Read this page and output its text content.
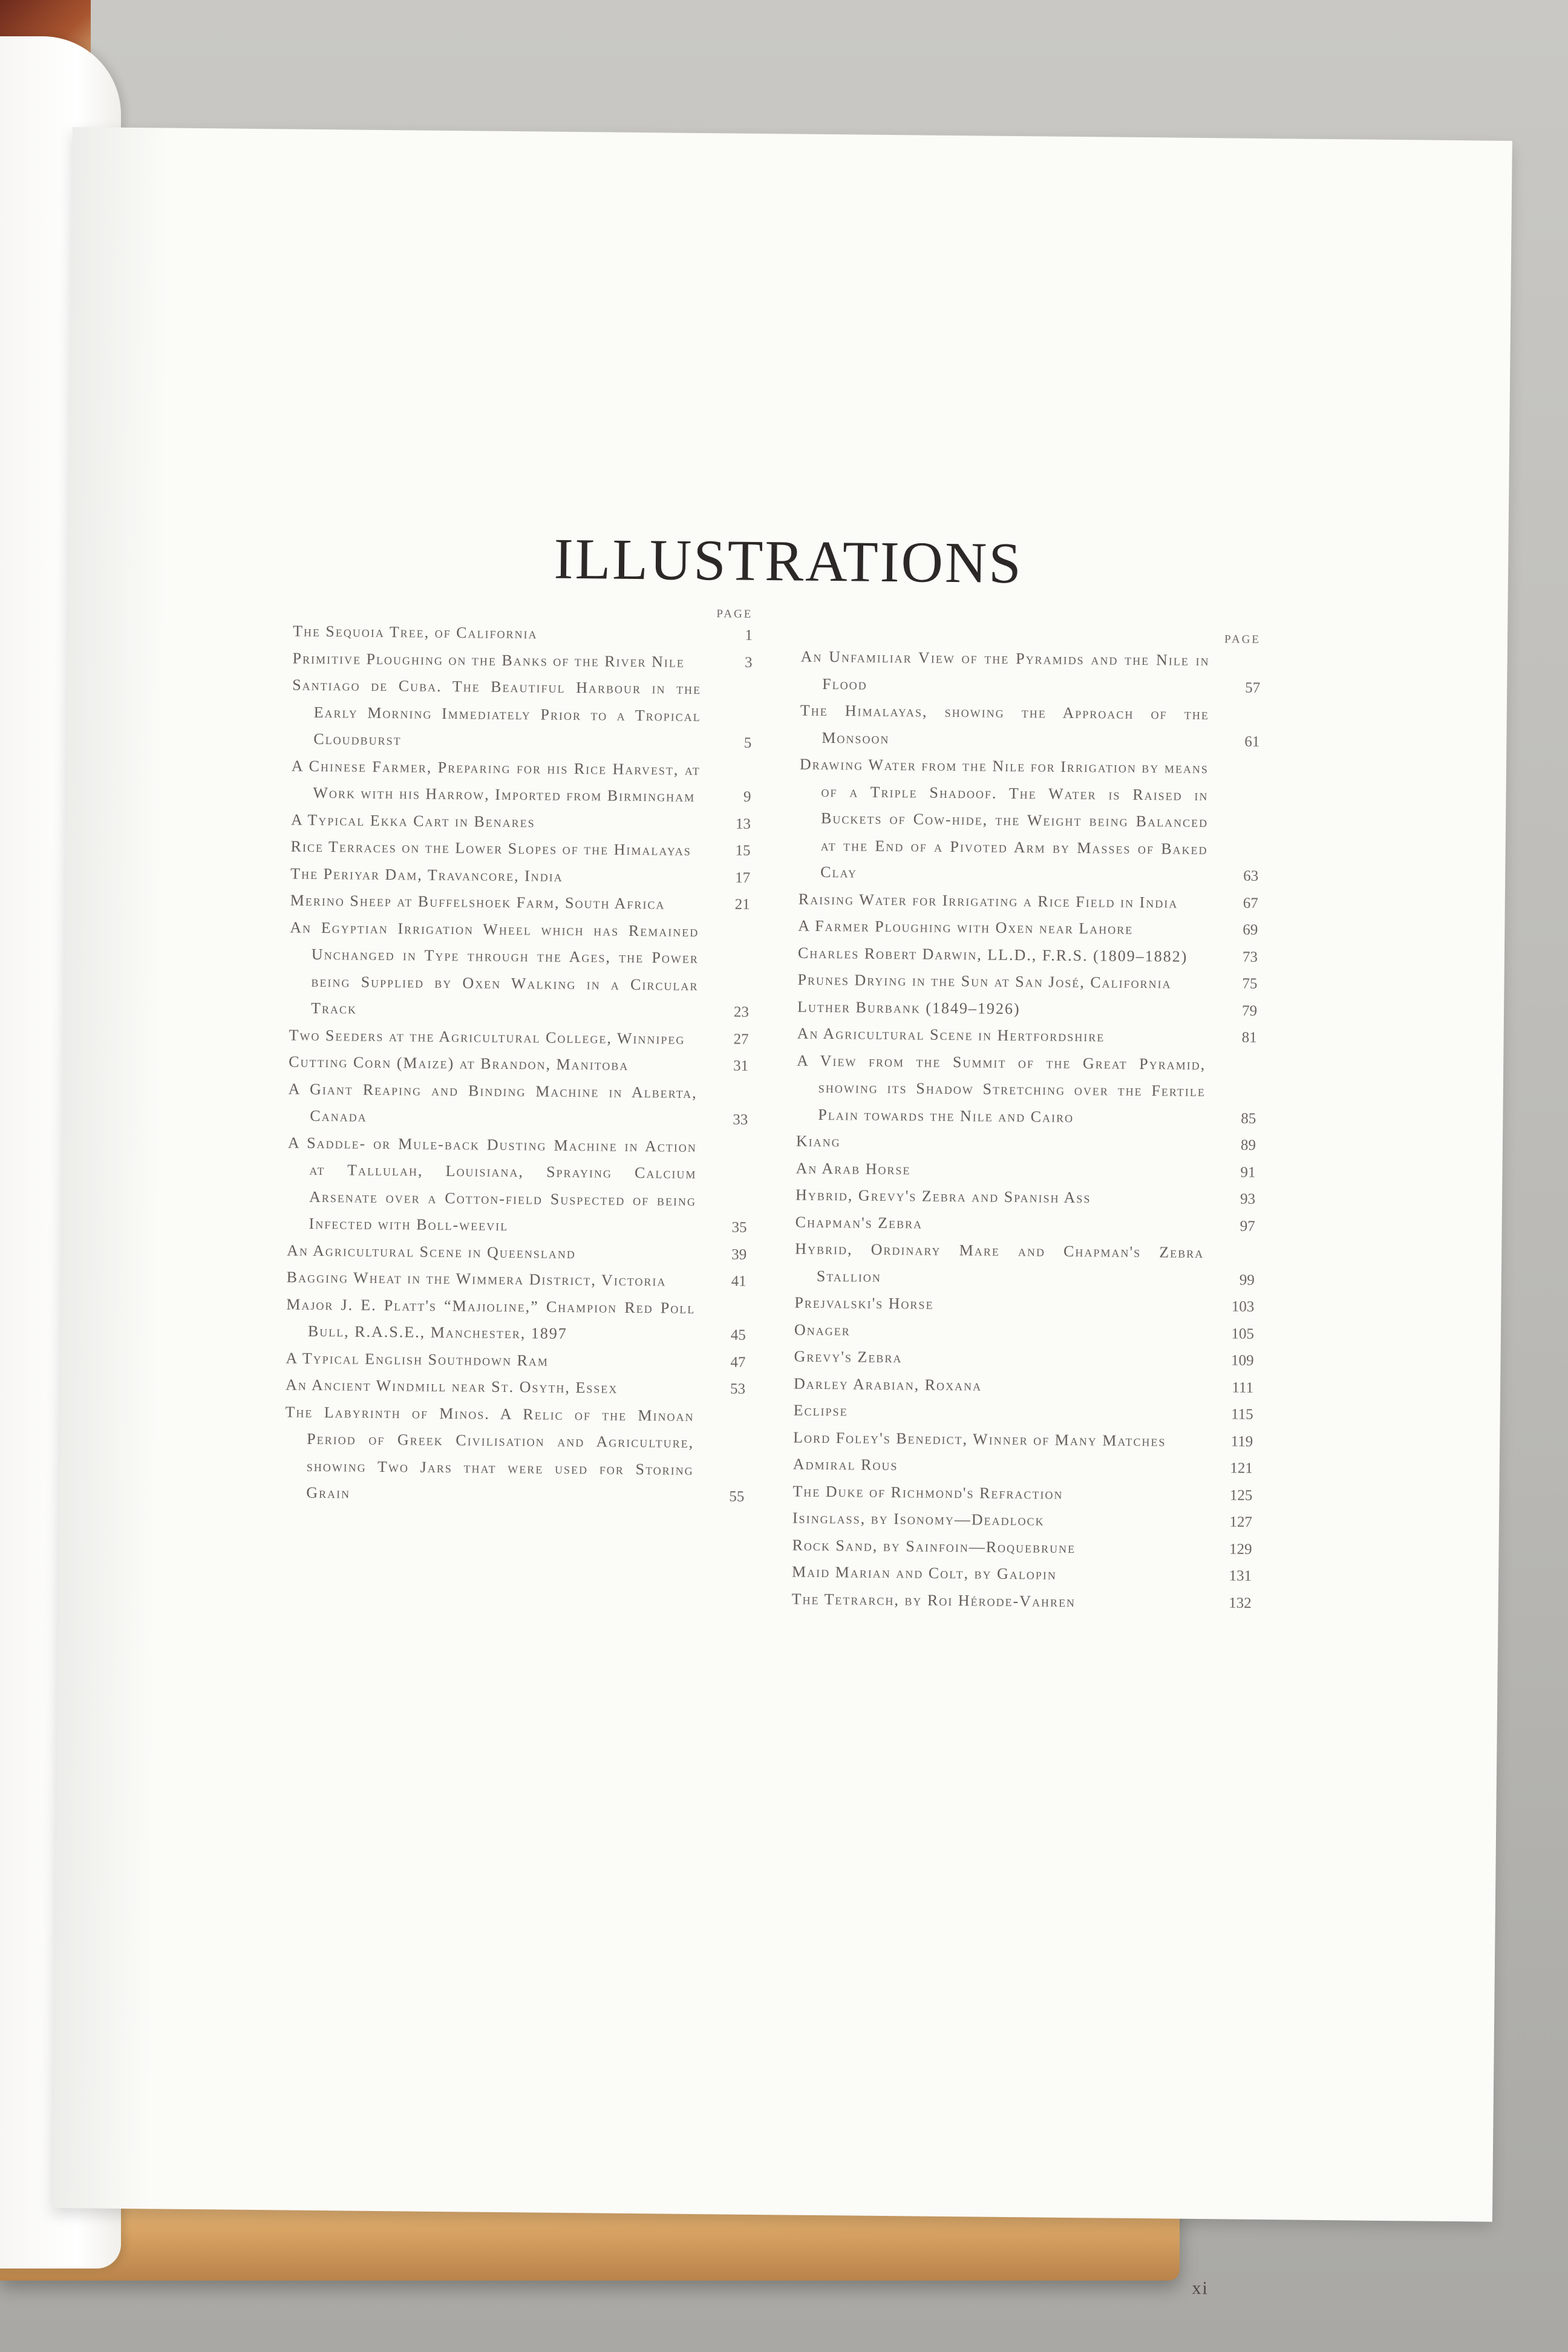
ILLUSTRATIONS
PAGE
The Sequoia Tree, of California	1
Primitive Ploughing on the Banks of the River Nile	3
Santiago de Cuba. The Beautiful Harbour in the Early Morning Immediately Prior to a Tropical Cloudburst	5
A Chinese Farmer, Preparing for his Rice Harvest, at Work with his Harrow, Imported from Birmingham	9
A Typical Ekka Cart in Benares	13
Rice Terraces on the Lower Slopes of the Himalayas	15
The Periyar Dam, Travancore, India	17
Merino Sheep at Buffelshoek Farm, South Africa	21
An Egyptian Irrigation Wheel which has Remained Unchanged in Type through the Ages, the Power being Supplied by Oxen Walking in a Circular Track	23
Two Seeders at the Agricultural College, Winnipeg	27
Cutting Corn (Maize) at Brandon, Manitoba	31
A Giant Reaping and Binding Machine in Alberta, Canada	33
A Saddle- or Mule-back Dusting Machine in Action at Tallulah, Louisiana, Spraying Calcium Arsenate over a Cotton-field Suspected of being Infected with Boll-weevil	35
An Agricultural Scene in Queensland	39
Bagging Wheat in the Wimmera District, Victoria	41
Major J. E. Platt's “Majioline,” Champion Red Poll Bull, R.A.S.E., Manchester, 1897	45
A Typical English Southdown Ram	47
An Ancient Windmill near St. Osyth, Essex	53
The Labyrinth of Minos. A Relic of the Minoan Period of Greek Civilisation and Agriculture, showing Two Jars that were used for Storing Grain	55
PAGE
An Unfamiliar View of the Pyramids and the Nile in Flood	57
The Himalayas, showing the Approach of the Monsoon	61
Drawing Water from the Nile for Irrigation by means of a Triple Shadoof. The Water is Raised in Buckets of Cow-hide, the Weight being Balanced at the End of a Pivoted Arm by Masses of Baked Clay	63
Raising Water for Irrigating a Rice Field in India	67
A Farmer Ploughing with Oxen near Lahore	69
Charles Robert Darwin, LL.D., F.R.S. (1809–1882)	73
Prunes Drying in the Sun at San José, California	75
Luther Burbank (1849–1926)	79
An Agricultural Scene in Hertfordshire	81
A View from the Summit of the Great Pyramid, showing its Shadow Stretching over the Fertile Plain towards the Nile and Cairo	85
Kiang	89
An Arab Horse	91
Hybrid, Grevy's Zebra and Spanish Ass	93
Chapman's Zebra	97
Hybrid, Ordinary Mare and Chapman's Zebra Stallion	99
Prejvalski's Horse	103
Onager	105
Grevy's Zebra	109
Darley Arabian, Roxana	111
Eclipse	115
Lord Foley's Benedict, Winner of Many Matches	119
Admiral Rous	121
The Duke of Richmond's Refraction	125
Isinglass, by Isonomy—Deadlock	127
Rock Sand, by Sainfoin—Roquebrune	129
Maid Marian and Colt, by Galopin	131
The Tetrarch, by Roi Hérode-Vahren	132
xi
